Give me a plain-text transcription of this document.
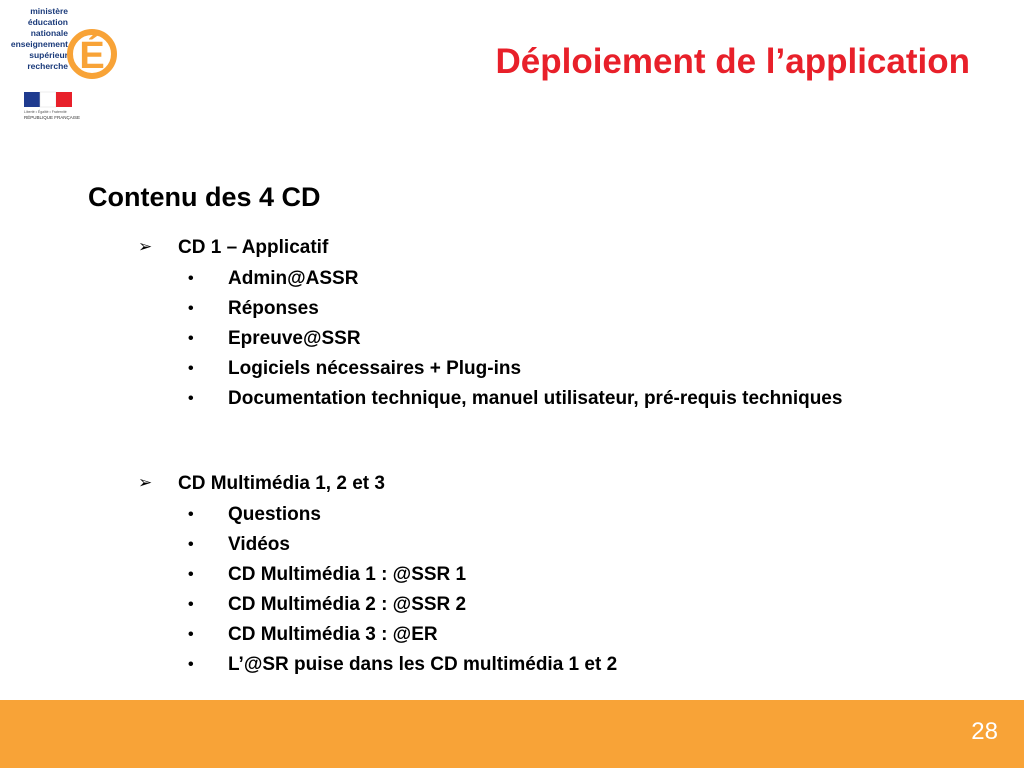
ministère
éducation
nationale
enseignement
supérieur
recherche É
Liberté • Égalité • Fraternité
RÉPUBLIQUE FRANÇAISE
Déploiement de l’application
Contenu des 4 CD
➢ CD 1 – Applicatif
• Admin@ASSR
• Réponses
• Epreuve@SSR
• Logiciels nécessaires + Plug-ins
• Documentation technique, manuel utilisateur, pré-requis techniques
➢ CD Multimédia 1, 2 et 3
• Questions
• Vidéos
• CD Multimédia 1 : @SSR 1
• CD Multimédia 2 : @SSR 2
• CD Multimédia 3 : @ER
• L’@SR puise dans les CD multimédia 1 et 2
28
